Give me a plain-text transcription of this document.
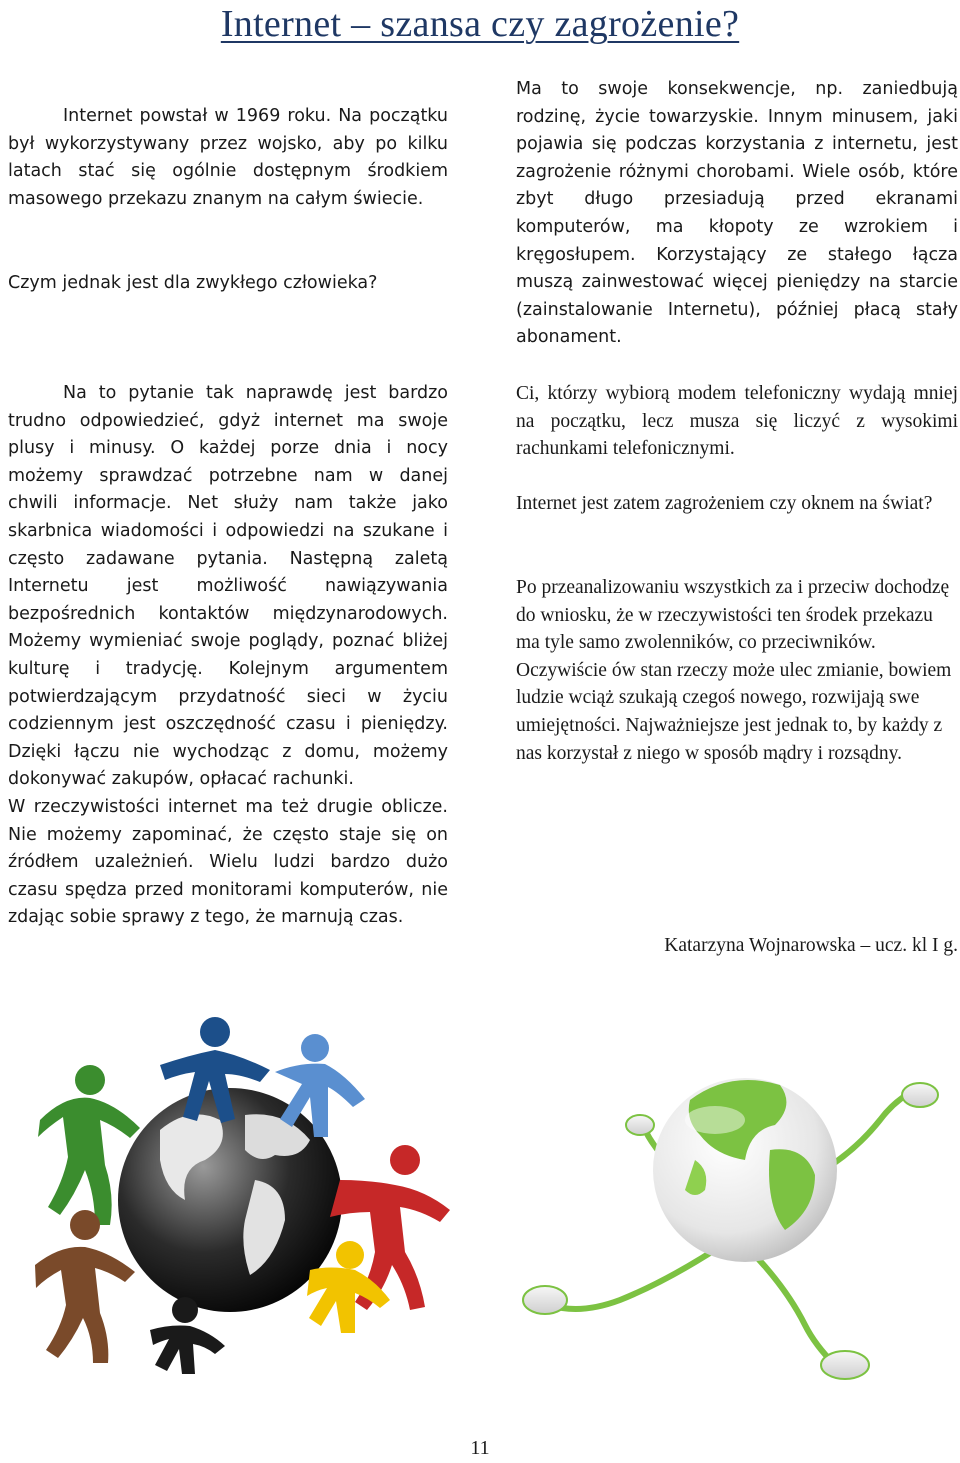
Internet – szansa czy zagrożenie?

Internet powstał w 1969 roku. Na początku był wykorzystywany przez wojsko, aby po kilku latach stać się ogólnie dostępnym środkiem masowego przekazu znanym na całym świecie.

Czym jednak jest dla zwykłego człowieka?

Na to pytanie tak naprawdę jest bardzo trudno odpowiedzieć, gdyż internet ma swoje plusy i minusy. O każdej porze dnia i nocy możemy sprawdzać potrzebne nam w danej chwili informacje. Net służy nam także jako skarbnica wiadomości i odpowiedzi na szukane i często zadawane pytania. Następną zaletą Internetu jest możliwość nawiązywania bezpośrednich kontaktów międzynarodowych. Możemy wymieniać swoje poglądy, poznać bliżej kulturę i tradycję. Kolejnym argumentem potwierdzającym przydatność sieci w życiu codziennym jest oszczędność czasu i pieniędzy. Dzięki łączu nie wychodząc z domu, możemy dokonywać zakupów, opłacać rachunki.

W rzeczywistości internet ma też drugie oblicze. Nie możemy zapominać, że często staje się on źródłem uzależnień. Wielu ludzi bardzo dużo czasu spędza przed monitorami komputerów, nie zdając sobie sprawy z tego, że marnują czas.

Ma to swoje konsekwencje, np. zaniedbują rodzinę, życie towarzyskie. Innym minusem, jaki pojawia się podczas korzystania z internetu, jest zagrożenie różnymi chorobami. Wiele osób, które zbyt długo przesiadują przed ekranami komputerów, ma kłopoty ze wzrokiem i kręgosłupem. Korzystający ze stałego łącza muszą zainwestować więcej pieniędzy na starcie (zainstalowanie Internetu), później płacą stały abonament.

Ci, którzy wybiorą modem telefoniczny wydają mniej na początku, lecz musza się liczyć z wysokimi rachunkami telefonicznymi.

Internet jest zatem zagrożeniem czy oknem na świat?

Po przeanalizowaniu wszystkich za i przeciw dochodzę do wniosku, że w rzeczywistości ten środek przekazu ma tyle samo zwolenników, co przeciwników. Oczywiście ów stan rzeczy może ulec zmianie, bowiem ludzie wciąż szukają czegoś nowego, rozwijają swe umiejętności. Najważniejsze jest jednak to, by każdy z nas korzystał z niego w sposób mądry i rozsądny.

Katarzyna Wojnarowska – ucz. kl I g.

11
